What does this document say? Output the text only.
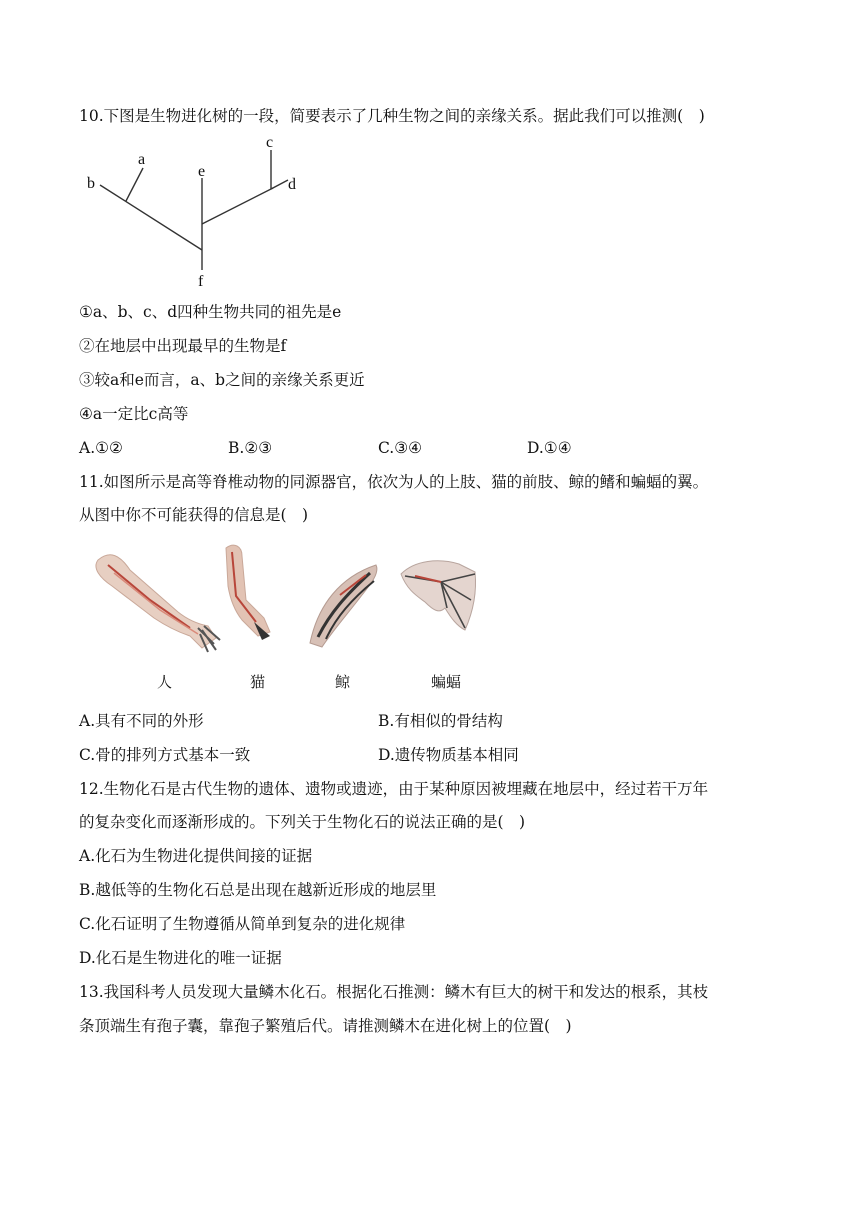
10.下图是生物进化树的一段，简要表示了几种生物之间的亲缘关系。据此我们可以推测(　)
a
b
c
d
e
f
①a、b、c、d四种生物共同的祖先是e
②在地层中出现最早的生物是f
③较a和e而言，a、b之间的亲缘关系更近
④a一定比c高等
A.①②	B.②③	C.③④	D.①④
11.如图所示是高等脊椎动物的同源器官，依次为人的上肢、猫的前肢、鲸的鳍和蝙蝠的翼。
从图中你不可能获得的信息是(　)
人	猫	鲸	蝙蝠
A.具有不同的外形	B.有相似的骨结构
C.骨的排列方式基本一致	D.遗传物质基本相同
12.生物化石是古代生物的遗体、遗物或遗迹，由于某种原因被埋藏在地层中，经过若干万年
的复杂变化而逐渐形成的。下列关于生物化石的说法正确的是(　)
A.化石为生物进化提供间接的证据
B.越低等的生物化石总是出现在越新近形成的地层里
C.化石证明了生物遵循从简单到复杂的进化规律
D.化石是生物进化的唯一证据
13.我国科考人员发现大量鳞木化石。根据化石推测：鳞木有巨大的树干和发达的根系，其枝
条顶端生有孢子囊，靠孢子繁殖后代。请推测鳞木在进化树上的位置(　)
